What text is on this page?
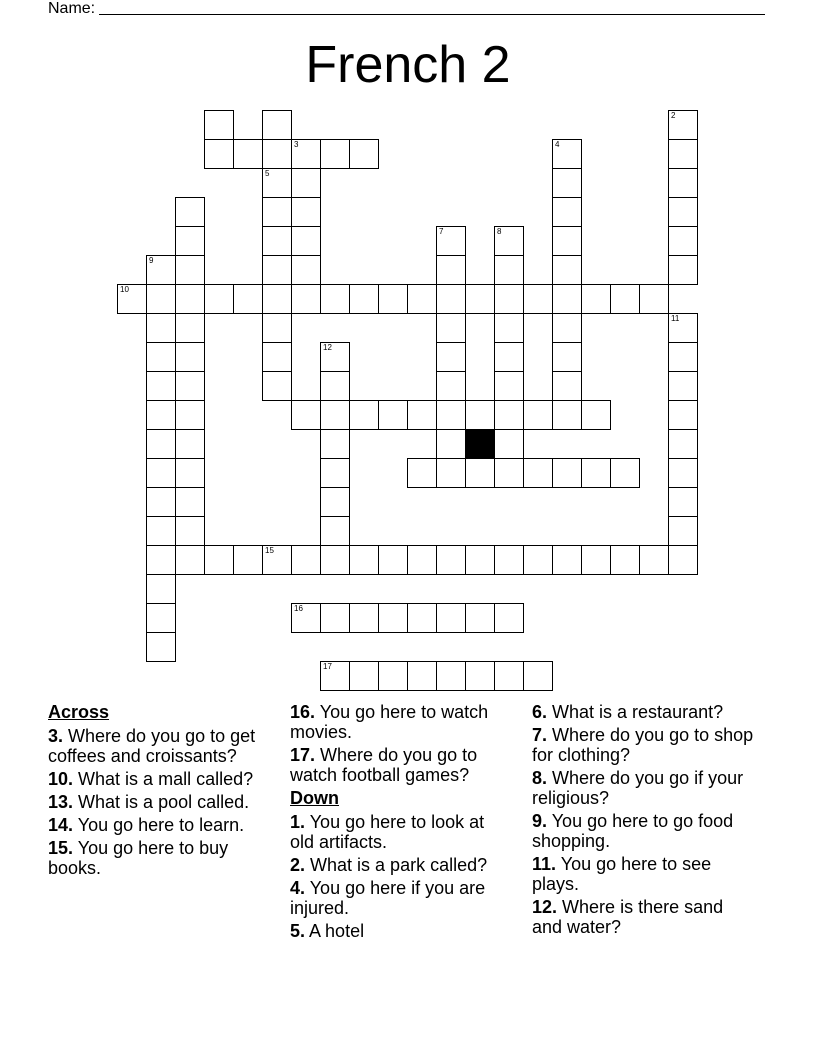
Name:
French 2
3
2
4
5
9
10
7	8
11
12
15
16
17
Across
3. Where do you go to get coffees and croissants?
10. What is a mall called?
13. What is a pool called.
14. You go here to learn.
15. You go here to buy books.
16. You go here to watch movies.
17. Where do you go to watch football games?
Down
1. You go here to look at old artifacts.
2. What is a park called?
4. You go here if you are injured.
5. A hotel
6. What is a restaurant?
7. Where do you go to shop for clothing?
8. Where do you go if your religious?
9. You go here to go food shopping.
11. You go here to see plays.
12. Where is there sand and water?
